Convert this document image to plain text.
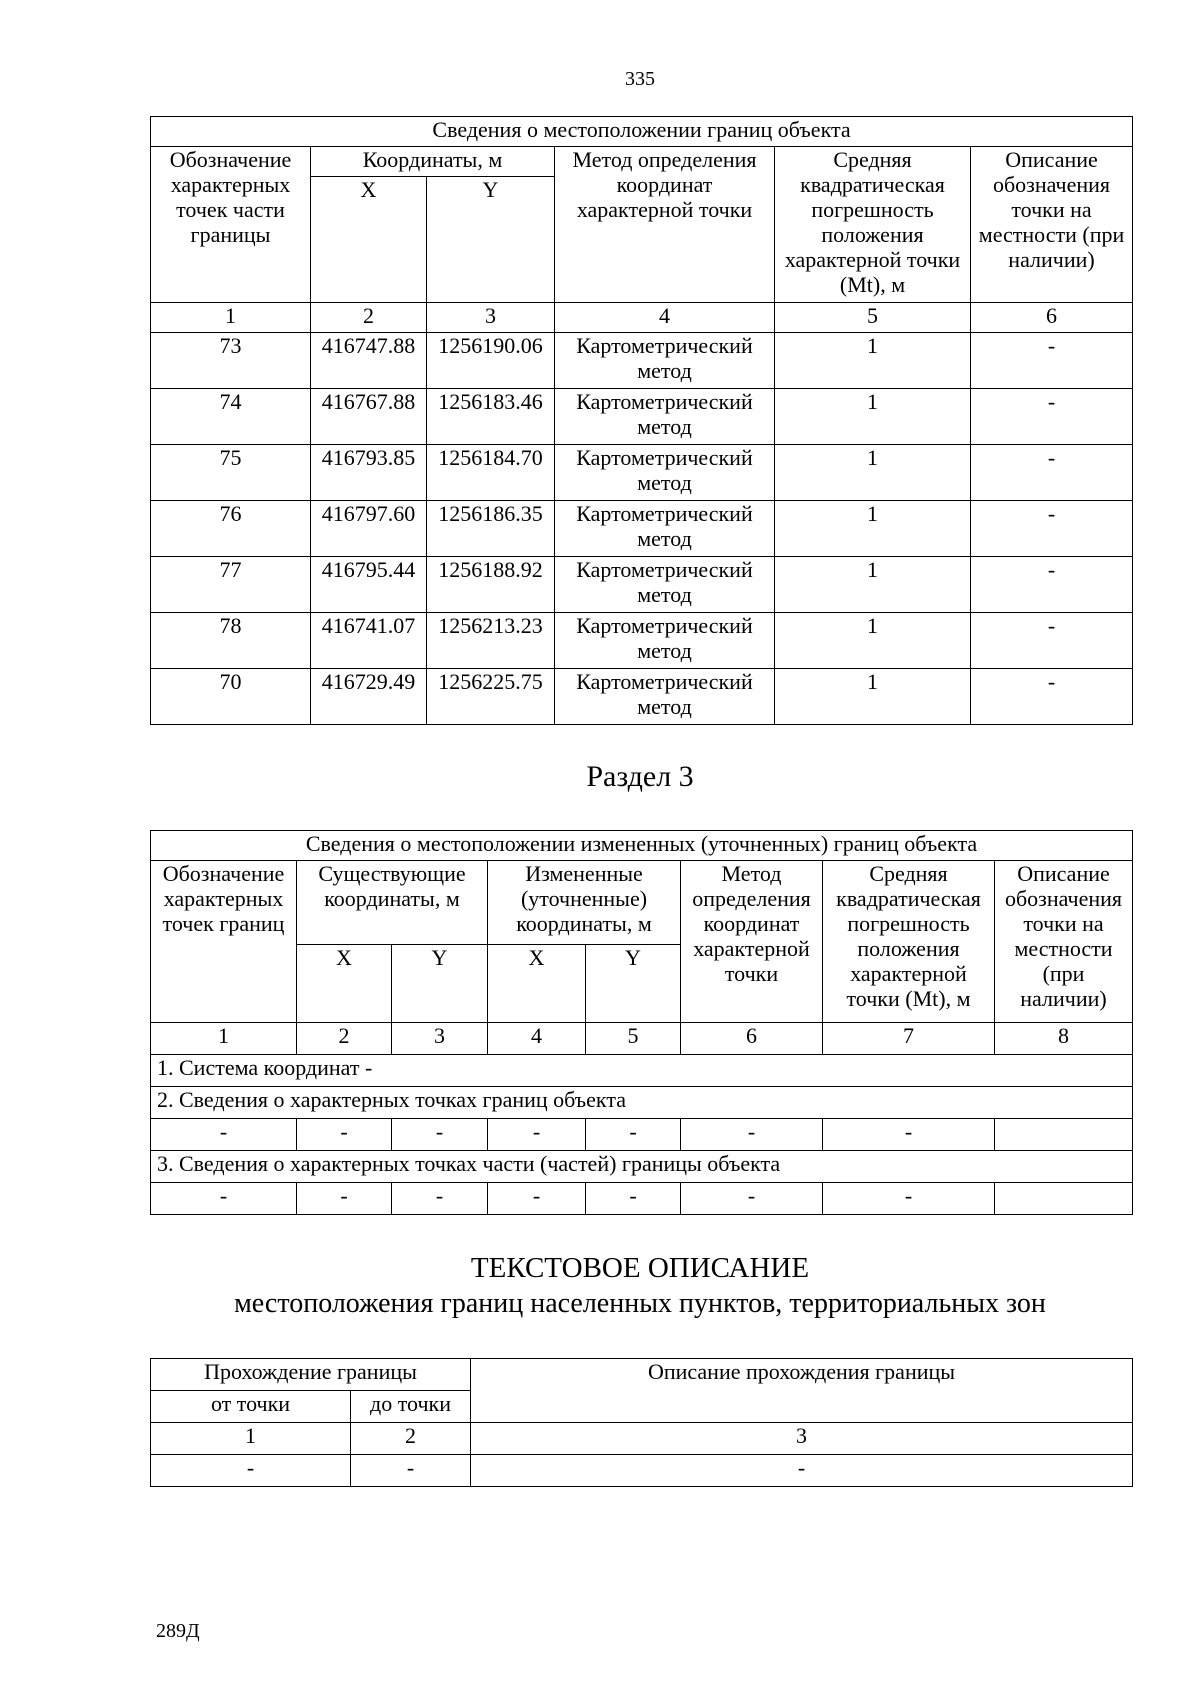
335
Сведения о местоположении границ объекта					
Обозначение характерных точек части границы	Координаты, м		Метод определения координат характерной точки	Средняя квадратическая погрешность положения характерной точки (Mt), м	Описание обозначения точки на местности (при наличии)
	X	Y			
1	2	3	4	5	6
73	416747.88	1256190.06	Картометрический метод	1	-
74	416767.88	1256183.46	Картометрический метод	1	-
75	416793.85	1256184.70	Картометрический метод	1	-
76	416797.60	1256186.35	Картометрический метод	1	-
77	416795.44	1256188.92	Картометрический метод	1	-
78	416741.07	1256213.23	Картометрический метод	1	-
70	416729.49	1256225.75	Картометрический метод	1	-
Раздел 3
Сведения о местоположении измененных (уточненных) границ объекта							
Обозначение характерных точек границ	Существующие координаты, м		Измененные (уточненные) координаты, м		Метод определения координат характерной точки	Средняя квадратическая погрешность положения характерной точки (Mt), м	Описание обозначения точки на местности (при наличии)
	X	Y	X	Y			
1	2	3	4	5	6	7	8
1. Система координат -							
2. Сведения о характерных точках границ объекта							
-	-	-	-	-	-	-	
3. Сведения о характерных точках части (частей) границы объекта							
-	-	-	-	-	-	-	
ТЕКСТОВОЕ ОПИСАНИЕ
местоположения границ населенных пунктов, территориальных зон
Прохождение границы		Описание прохождения границы
от точки	до точки	
1	2	3
-	-	-
289Д
